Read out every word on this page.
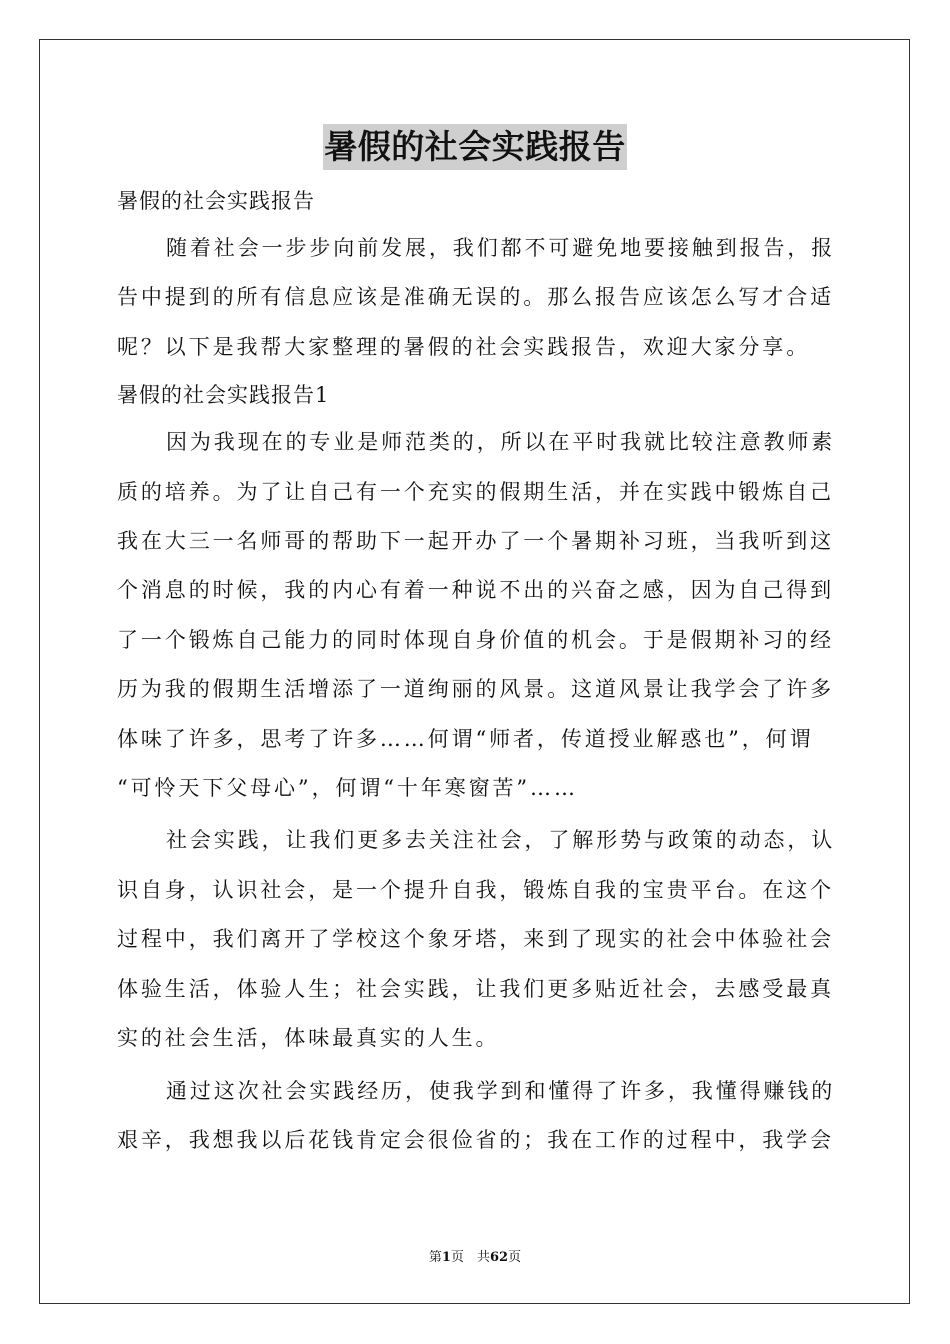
暑假的社会实践报告

暑假的社会实践报告

随着社会一步步向前发展，我们都不可避免地要接触到报告，报

告中提到的所有信息应该是准确无误的。那么报告应该怎么写才合适

呢？以下是我帮大家整理的暑假的社会实践报告，欢迎大家分享。

暑假的社会实践报告1

因为我现在的专业是师范类的，所以在平时我就比较注意教师素

质的培养。为了让自己有一个充实的假期生活，并在实践中锻炼自己

我在大三一名师哥的帮助下一起开办了一个暑期补习班，当我听到这

个消息的时候，我的内心有着一种说不出的兴奋之感，因为自己得到

了一个锻炼自己能力的同时体现自身价值的机会。于是假期补习的经

历为我的假期生活增添了一道绚丽的风景。这道风景让我学会了许多

体味了许多，思考了许多……何谓“师者，传道授业解惑也”，何谓

“可怜天下父母心”，何谓“十年寒窗苦”……

社会实践，让我们更多去关注社会，了解形势与政策的动态，认

识自身，认识社会，是一个提升自我，锻炼自我的宝贵平台。在这个

过程中，我们离开了学校这个象牙塔，来到了现实的社会中体验社会

体验生活，体验人生；社会实践，让我们更多贴近社会，去感受最真

实的社会生活，体味最真实的人生。

通过这次社会实践经历，使我学到和懂得了许多，我懂得赚钱的

艰辛，我想我以后花钱肯定会很俭省的；我在工作的过程中，我学会

第1页　共62页
